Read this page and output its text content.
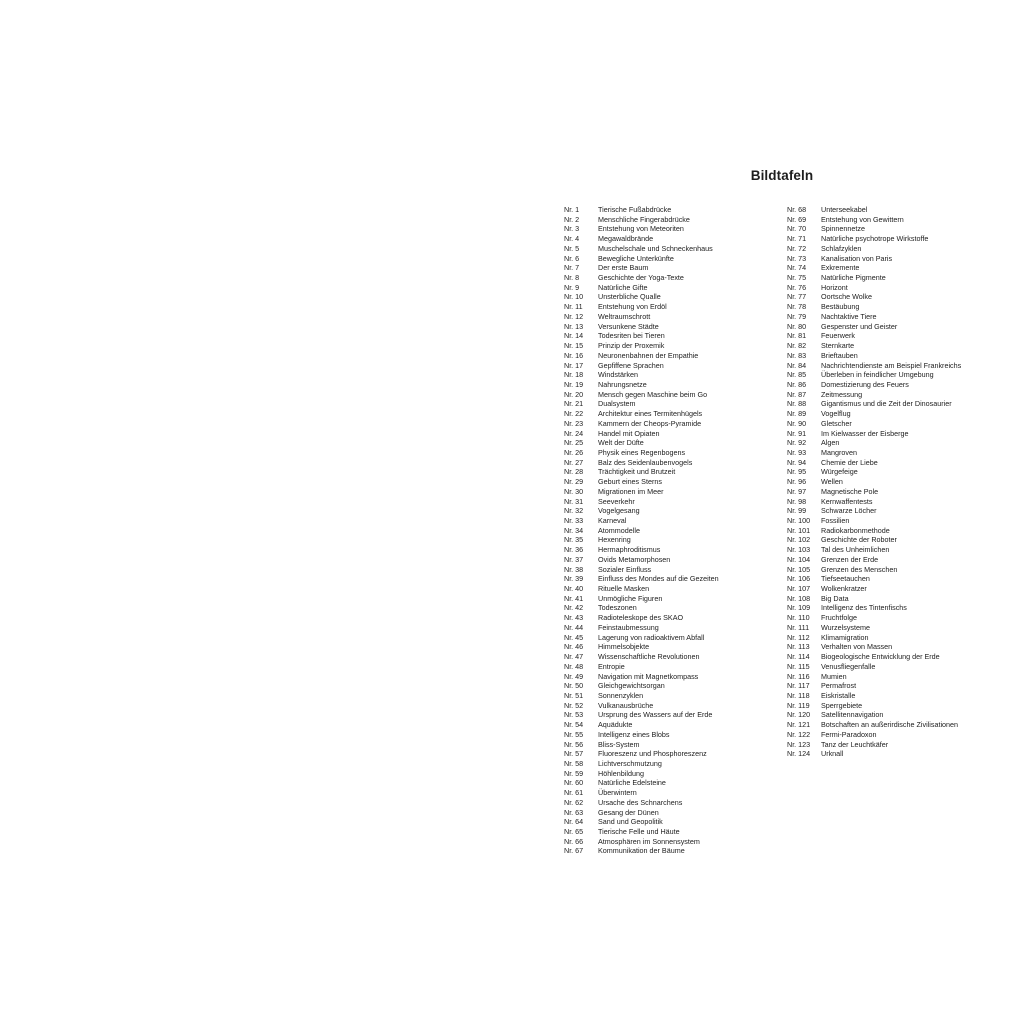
Bildtafeln
Nr. 1	Tierische Fußabdrücke
Nr. 2	Menschliche Fingerabdrücke
Nr. 3	Entstehung von Meteoriten
Nr. 4	Megawaldbrände
Nr. 5	Muschelschale und Schneckenhaus
Nr. 6	Bewegliche Unterkünfte
Nr. 7	Der erste Baum
Nr. 8	Geschichte der Yoga-Texte
Nr. 9	Natürliche Gifte
Nr. 10	Unsterbliche Qualle
Nr. 11	Entstehung von Erdöl
Nr. 12	Weltraumschrott
Nr. 13	Versunkene Städte
Nr. 14	Todesriten bei Tieren
Nr. 15	Prinzip der Proxemik
Nr. 16	Neuronenbahnen der Empathie
Nr. 17	Gepfiffene Sprachen
Nr. 18	Windstärken
Nr. 19	Nahrungsnetze
Nr. 20	Mensch gegen Maschine beim Go
Nr. 21	Dualsystem
Nr. 22	Architektur eines Termitenhügels
Nr. 23	Kammern der Cheops-Pyramide
Nr. 24	Handel mit Opiaten
Nr. 25	Welt der Düfte
Nr. 26	Physik eines Regenbogens
Nr. 27	Balz des Seidenlaubenvogels
Nr. 28	Trächtigkeit und Brutzeit
Nr. 29	Geburt eines Sterns
Nr. 30	Migrationen im Meer
Nr. 31	Seeverkehr
Nr. 32	Vogelgesang
Nr. 33	Karneval
Nr. 34	Atommodelle
Nr. 35	Hexenring
Nr. 36	Hermaphroditismus
Nr. 37	Ovids Metamorphosen
Nr. 38	Sozialer Einfluss
Nr. 39	Einfluss des Mondes auf die Gezeiten
Nr. 40	Rituelle Masken
Nr. 41	Unmögliche Figuren
Nr. 42	Todeszonen
Nr. 43	Radioteleskope des SKAO
Nr. 44	Feinstaubmessung
Nr. 45	Lagerung von radioaktivem Abfall
Nr. 46	Himmelsobjekte
Nr. 47	Wissenschaftliche Revolutionen
Nr. 48	Entropie
Nr. 49	Navigation mit Magnetkompass
Nr. 50	Gleichgewichtsorgan
Nr. 51	Sonnenzyklen
Nr. 52	Vulkanausbrüche
Nr. 53	Ursprung des Wassers auf der Erde
Nr. 54	Aquädukte
Nr. 55	Intelligenz eines Blobs
Nr. 56	Bliss-System
Nr. 57	Fluoreszenz und Phosphoreszenz
Nr. 58	Lichtverschmutzung
Nr. 59	Höhlenbildung
Nr. 60	Natürliche Edelsteine
Nr. 61	Überwintern
Nr. 62	Ursache des Schnarchens
Nr. 63	Gesang der Dünen
Nr. 64	Sand und Geopolitik
Nr. 65	Tierische Felle und Häute
Nr. 66	Atmosphären im Sonnensystem
Nr. 67	Kommunikation der Bäume
Nr. 68	Unterseekabel
Nr. 69	Entstehung von Gewittern
Nr. 70	Spinnennetze
Nr. 71	Natürliche psychotrope Wirkstoffe
Nr. 72	Schlafzyklen
Nr. 73	Kanalisation von Paris
Nr. 74	Exkremente
Nr. 75	Natürliche Pigmente
Nr. 76	Horizont
Nr. 77	Oortsche Wolke
Nr. 78	Bestäubung
Nr. 79	Nachtaktive Tiere
Nr. 80	Gespenster und Geister
Nr. 81	Feuerwerk
Nr. 82	Sternkarte
Nr. 83	Brieftauben
Nr. 84	Nachrichtendienste am Beispiel Frankreichs
Nr. 85	Überleben in feindlicher Umgebung
Nr. 86	Domestizierung des Feuers
Nr. 87	Zeitmessung
Nr. 88	Gigantismus und die Zeit der Dinosaurier
Nr. 89	Vogelflug
Nr. 90	Gletscher
Nr. 91	Im Kielwasser der Eisberge
Nr. 92	Algen
Nr. 93	Mangroven
Nr. 94	Chemie der Liebe
Nr. 95	Würgefeige
Nr. 96	Wellen
Nr. 97	Magnetische Pole
Nr. 98	Kernwaffentests
Nr. 99	Schwarze Löcher
Nr. 100	Fossilien
Nr. 101	Radiokarbonmethode
Nr. 102	Geschichte der Roboter
Nr. 103	Tal des Unheimlichen
Nr. 104	Grenzen der Erde
Nr. 105	Grenzen des Menschen
Nr. 106	Tiefseetauchen
Nr. 107	Wolkenkratzer
Nr. 108	Big Data
Nr. 109	Intelligenz des Tintenfischs
Nr. 110	Fruchtfolge
Nr. 111	Wurzelsysteme
Nr. 112	Klimamigration
Nr. 113	Verhalten von Massen
Nr. 114	Biogeologische Entwicklung der Erde
Nr. 115	Venusfliegenfalle
Nr. 116	Mumien
Nr. 117	Permafrost
Nr. 118	Eiskristalle
Nr. 119	Sperrgebiete
Nr. 120	Satellitennavigation
Nr. 121	Botschaften an außerirdische Zivilisationen
Nr. 122	Fermi-Paradoxon
Nr. 123	Tanz der Leuchtkäfer
Nr. 124	Urknall
